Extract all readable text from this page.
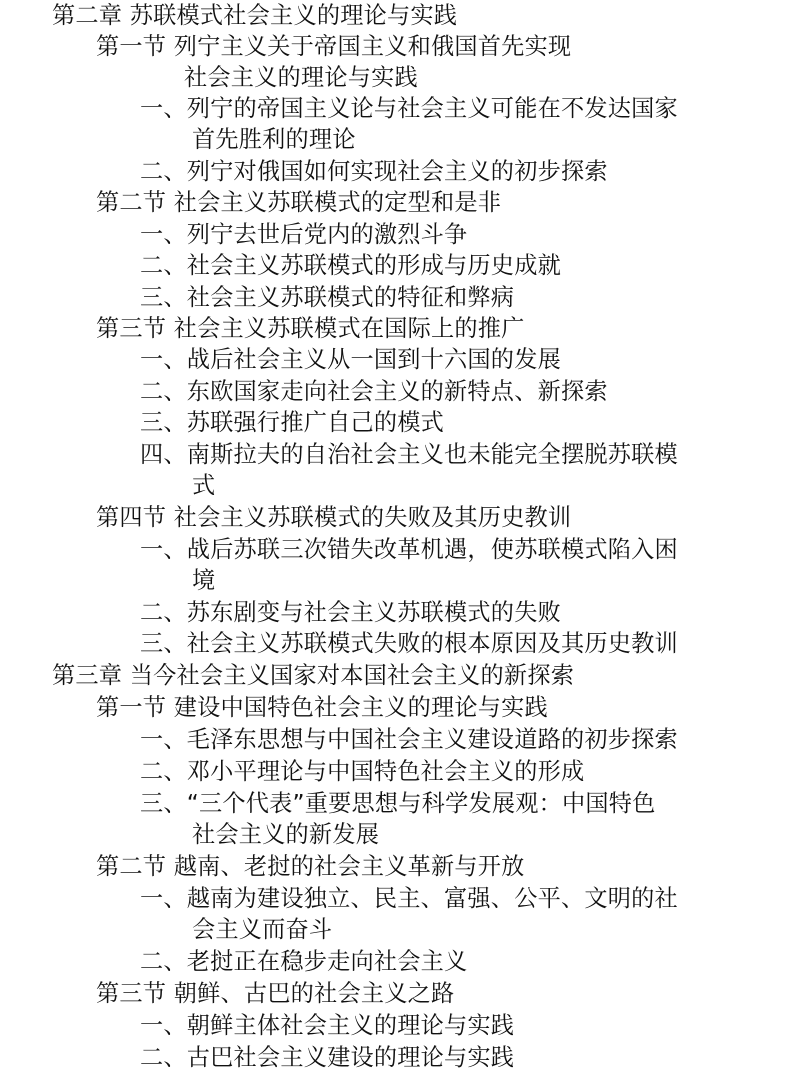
第二章 苏联模式社会主义的理论与实践
第一节 列宁主义关于帝国主义和俄国首先实现
社会主义的理论与实践
一、列宁的帝国主义论与社会主义可能在不发达国家
首先胜利的理论
二、列宁对俄国如何实现社会主义的初步探索
第二节 社会主义苏联模式的定型和是非
一、列宁去世后党内的激烈斗争
二、社会主义苏联模式的形成与历史成就
三、社会主义苏联模式的特征和弊病
第三节 社会主义苏联模式在国际上的推广
一、战后社会主义从一国到十六国的发展
二、东欧国家走向社会主义的新特点、新探索
三、苏联强行推广自己的模式
四、南斯拉夫的自治社会主义也未能完全摆脱苏联模
式
第四节 社会主义苏联模式的失败及其历史教训
一、战后苏联三次错失改革机遇，使苏联模式陷入困
境
二、苏东剧变与社会主义苏联模式的失败
三、社会主义苏联模式失败的根本原因及其历史教训
第三章 当今社会主义国家对本国社会主义的新探索
第一节 建设中国特色社会主义的理论与实践
一、毛泽东思想与中国社会主义建设道路的初步探索
二、邓小平理论与中国特色社会主义的形成
三、“三个代表”重要思想与科学发展观：中国特色
社会主义的新发展
第二节 越南、老挝的社会主义革新与开放
一、越南为建设独立、民主、富强、公平、文明的社
会主义而奋斗
二、老挝正在稳步走向社会主义
第三节 朝鲜、古巴的社会主义之路
一、朝鲜主体社会主义的理论与实践
二、古巴社会主义建设的理论与实践
